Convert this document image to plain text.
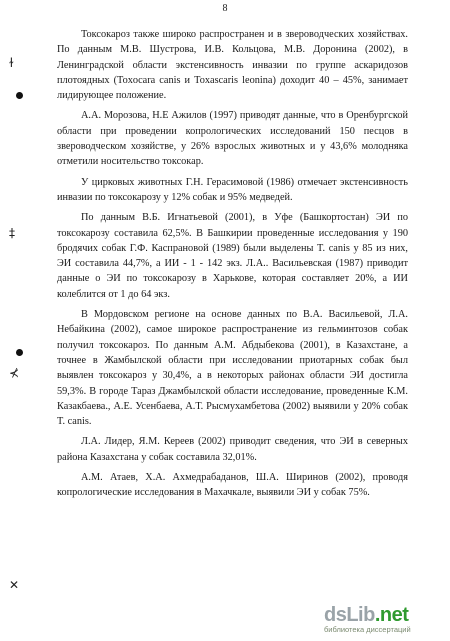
8
ɫ
‡
⊀
✕

Токсокароз также широко распространен и в звероводческих хозяйствах. По данным М.В. Шустрова, И.В. Кольцова, М.В. Доронина (2002), в Ленинградской области экстенсивность инвазии по группе аскаридозов плотоядных (Toxocara canis и Toxascaris leonina) доходит 40 – 45%, занимает лидирующее положение.

А.А. Морозова, Н.Е Ажилов (1997) приводят данные, что в Оренбургской области при проведении копрологических исследований 150 песцов в звероводческом хозяйстве, у 26% взрослых животных и у 43,6% молодняка отметили носительство токсокар.

У цирковых животных Г.Н. Герасимовой (1986) отмечает экстенсивность инвазии по токсокарозу у 12% собак и 95% медведей.

По данным В.Б. Игнатьевой (2001), в Уфе (Башкортостан) ЭИ по токсокарозу составила 62,5%. В Башкирии проведенные исследования у 190 бродячих собак Г.Ф. Каспрановой (1989) были выделены T. canis у 85 из них, ЭИ составила 44,7%, а ИИ - 1 - 142 экз. Л.А.. Васильевская (1987) приводит данные о ЭИ по токсокарозу в Харькове, которая составляет 20%, а ИИ колеблится от 1 до 64 экз.

В Мордовском регионе на основе данных по В.А. Васильевой, Л.А. Небайкина (2002), самое широкое распространение из гельминтозов собак получил токсокароз. По данным А.М. Абдыбекова (2001), в Казахстане, а точнее в Жамбылской области при исследовании приотарных собак был выявлен токсокароз у 30,4%, а в некоторых районах области ЭИ достигла 59,3%. В городе Тараз Джамбылской области исследование, проведенные К.М. Казакбаева., А.Е. Усенбаева, А.Т. Рысмухамбетова (2002) выявили у 20% собак T. canis.

Л.А. Лидер, Я.М. Кереев (2002) приводит сведения, что ЭИ в северных района Казахстана у собак составила 32,01%.

А.М. Атаев, Х.А. Ахмедрабаданов, Ш.А. Ширинов (2002), проводя копрологические исследования в Махачкале, выявили ЭИ у собак 75%.

dsLib.net
библиотека диссертаций
